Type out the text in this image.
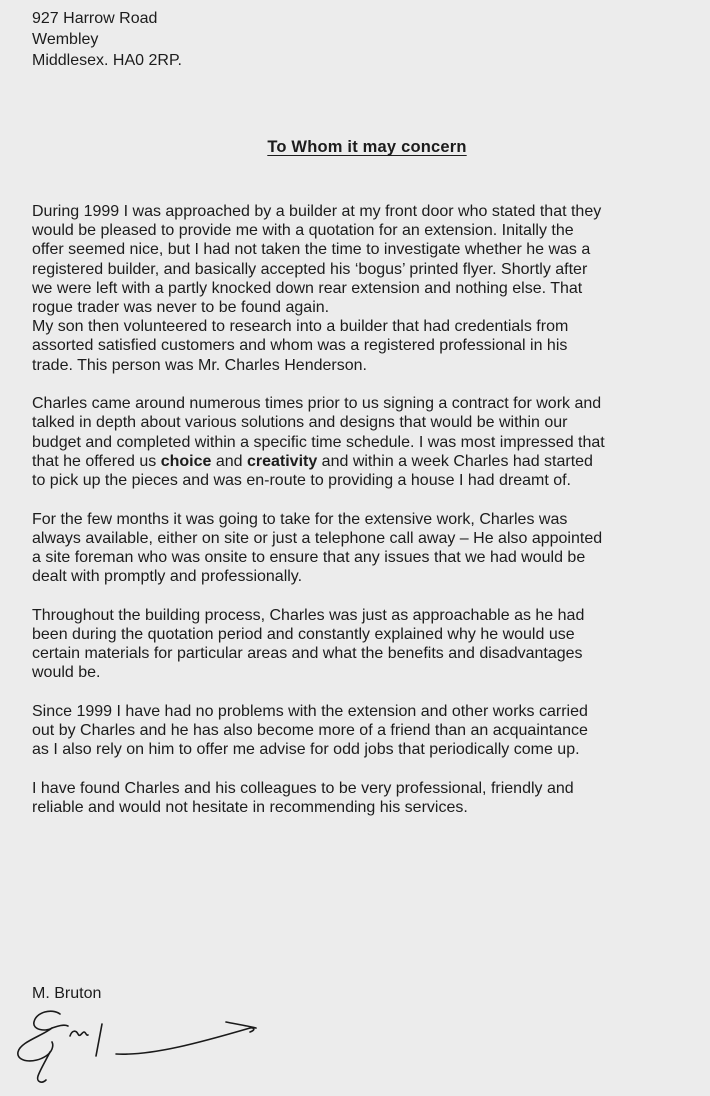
927 Harrow Road
Wembley
Middlesex. HA0 2RP.
To Whom it may concern

During 1999 I was approached by a builder at my front door who stated that they
would be pleased to provide me with a quotation for an extension. Initally the
offer seemed nice, but I had not taken the time to investigate whether he was a
registered builder, and basically accepted his ‘bogus’ printed flyer. Shortly after
we were left with a partly knocked down rear extension and nothing else. That
rogue trader was never to be found again.
My son then volunteered to research into a builder that had credentials from
assorted satisfied customers and whom was a registered professional in his
trade. This person was Mr. Charles Henderson.

Charles came around numerous times prior to us signing a contract for work and
talked in depth about various solutions and designs that would be within our
budget and completed within a specific time schedule. I was most impressed that
that he offered us choice and creativity and within a week Charles had started
to pick up the pieces and was en-route to providing a house I had dreamt of.

For the few months it was going to take for the extensive work, Charles was
always available, either on site or just a telephone call away – He also appointed
a site foreman who was onsite to ensure that any issues that we had would be
dealt with promptly and professionally.

Throughout the building process, Charles was just as approachable as he had
been during the quotation period and constantly explained why he would use
certain materials for particular areas and what the benefits and disadvantages
would be.

Since 1999 I have had no problems with the extension and other works carried
out by Charles and he has also become more of a friend than an acquaintance
as I also rely on him to offer me advise for odd jobs that periodically come up.

I have found Charles and his colleagues to be very professional, friendly and
reliable and would not hesitate in recommending his services.

M. Bruton
